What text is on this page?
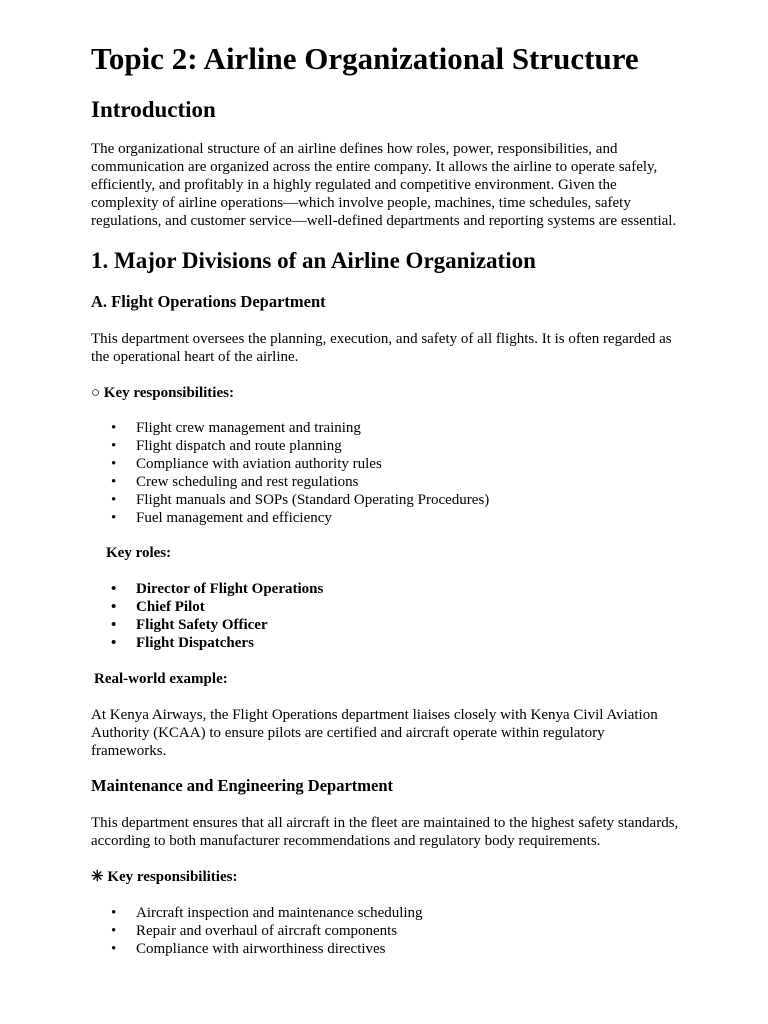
Topic 2: Airline Organizational Structure
Introduction

The organizational structure of an airline defines how roles, power, responsibilities, and communication are organized across the entire company. It allows the airline to operate safely, efficiently, and profitably in a highly regulated and competitive environment. Given the complexity of airline operations—which involve people, machines, time schedules, safety regulations, and customer service—well-defined departments and reporting systems are essential.

1. Major Divisions of an Airline Organization
A. Flight Operations Department

This department oversees the planning, execution, and safety of all flights. It is often regarded as the operational heart of the airline.

○ Key responsibilities:

• Flight crew management and training
• Flight dispatch and route planning
• Compliance with aviation authority rules
• Crew scheduling and rest regulations
• Flight manuals and SOPs (Standard Operating Procedures)
• Fuel management and efficiency

Key roles:

• Director of Flight Operations
• Chief Pilot
• Flight Safety Officer
• Flight Dispatchers

Real-world example:

At Kenya Airways, the Flight Operations department liaises closely with Kenya Civil Aviation Authority (KCAA) to ensure pilots are certified and aircraft operate within regulatory frameworks.

Maintenance and Engineering Department

This department ensures that all aircraft in the fleet are maintained to the highest safety standards, according to both manufacturer recommendations and regulatory body requirements.

✳ Key responsibilities:

• Aircraft inspection and maintenance scheduling
• Repair and overhaul of aircraft components
• Compliance with airworthiness directives
